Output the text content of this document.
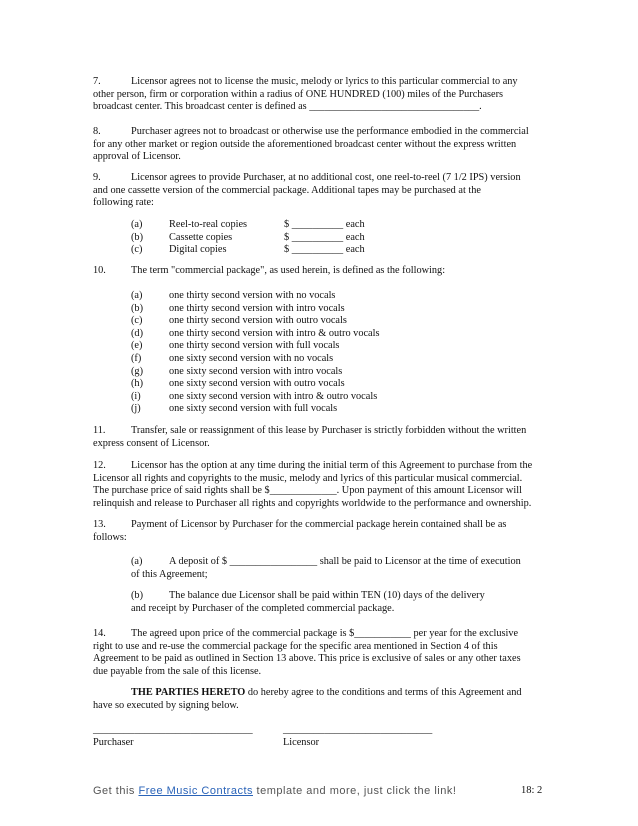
7.	Licensor agrees not to license the music, melody or lyrics to this particular commercial to any

other person, firm or corporation within a radius of ONE HUNDRED (100) miles of the Purchasers

broadcast center. This broadcast center is defined as _________________________________.

8.	Purchaser agrees not to broadcast or otherwise use the performance embodied in the commercial

for any other market or region outside the aforementioned broadcast center without the express written

approval of Licensor.

9.	Licensor agrees to provide Purchaser, at no additional cost, one reel-to-reel (7 1/2 IPS) version

and one cassette version of the commercial package. Additional tapes may be purchased at the

following rate:

(a)	Reel-to-real copies	$ __________ each
(b)	Cassette copies	$ __________ each
(c)	Digital copies	$ __________ each

10. The term "commercial package", as used herein, is defined as the following:

(a)	one thirty second version with no vocals
(b)	one thirty second version with intro vocals
(c)	one thirty second version with outro vocals
(d)	one thirty second version with intro & outro vocals
(e)	one thirty second version with full vocals
(f)	one sixty second version with no vocals
(g)	one sixty second version with intro vocals
(h)	one sixty second version with outro vocals
(i)	one sixty second version with intro & outro vocals
(j)	one sixty second version with full vocals

11. Transfer, sale or reassignment of this lease by Purchaser is strictly forbidden without the written

express consent of Licensor.

12. Licensor has the option at any time during the initial term of this Agreement to purchase from the

Licensor all rights and copyrights to the music, melody and lyrics of this particular musical commercial.

The purchase price of said rights shall be $_____________. Upon payment of this amount Licensor will

relinquish and release to Purchaser all rights and copyrights worldwide to the performance and ownership.

13. Payment of Licensor by Purchaser for the commercial package herein contained shall be as

follows:

(a)	A deposit of $ _________________ shall be paid to Licensor at the time of execution
of this Agreement;
(b)	The balance due Licensor shall be paid within TEN (10) days of the delivery
and receipt by Purchaser of the completed commercial package.

14. The agreed upon price of the commercial package is $___________ per year for the exclusive

right to use and re-use the commercial package for the specific area mentioned in Section 4 of this

Agreement to be paid as outlined in Section 13 above. This price is exclusive of sales or any other taxes

due payable from the sale of this license.

THE PARTIES HERETO do hereby agree to the conditions and terms of this Agreement and

have so executed by signing below.

_______________________________
Purchaser
_____________________________
Licensor
Get this Free Music Contracts template and more, just click the link!	18: 2
